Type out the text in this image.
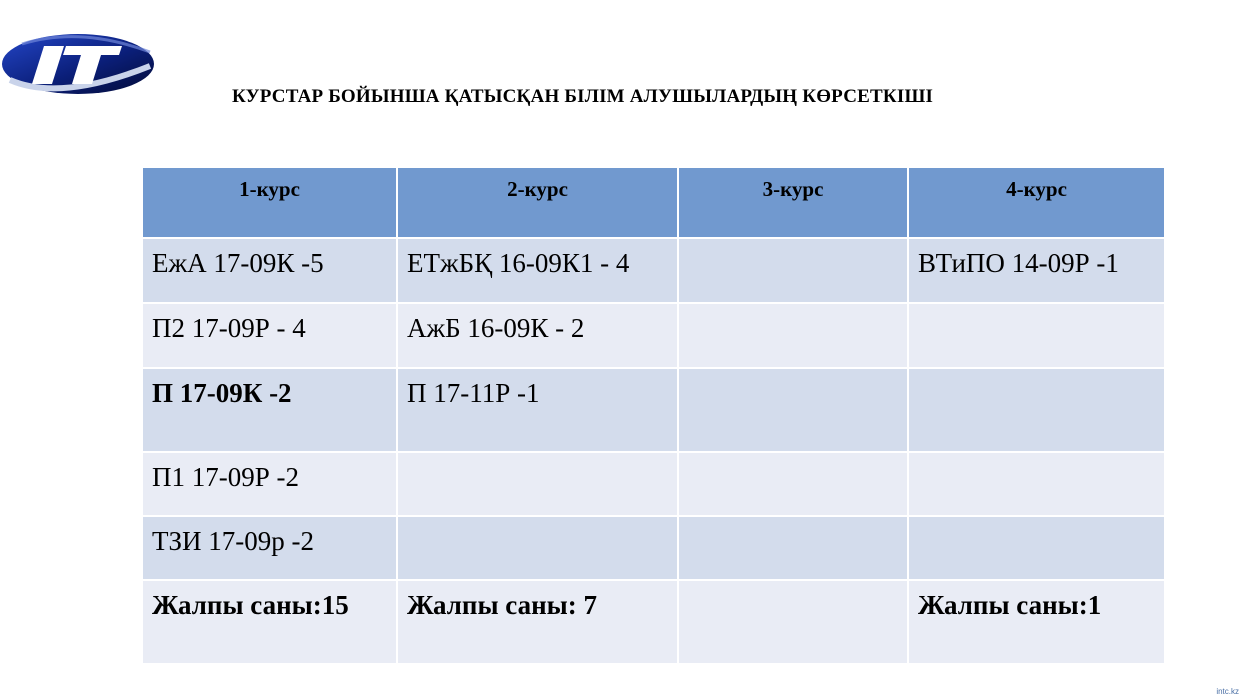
КУРСТАР БОЙЫНША ҚАТЫСҚАН БІЛІМ АЛУШЫЛАРДЫҢ КӨРСЕТКІШІ
1-курс	2-курс	3-курс	4-курс
ЕжА 17-09К -5	ЕТжБҚ 16-09К1 - 4		ВТиПО 14-09Р -1
П2 17-09Р - 4	АжБ 16-09К - 2		
П 17-09К -2	П 17-11Р -1		
П1 17-09Р -2			
ТЗИ 17-09р -2			
Жалпы саны:15	Жалпы саны: 7		Жалпы саны:1
intc.kz
